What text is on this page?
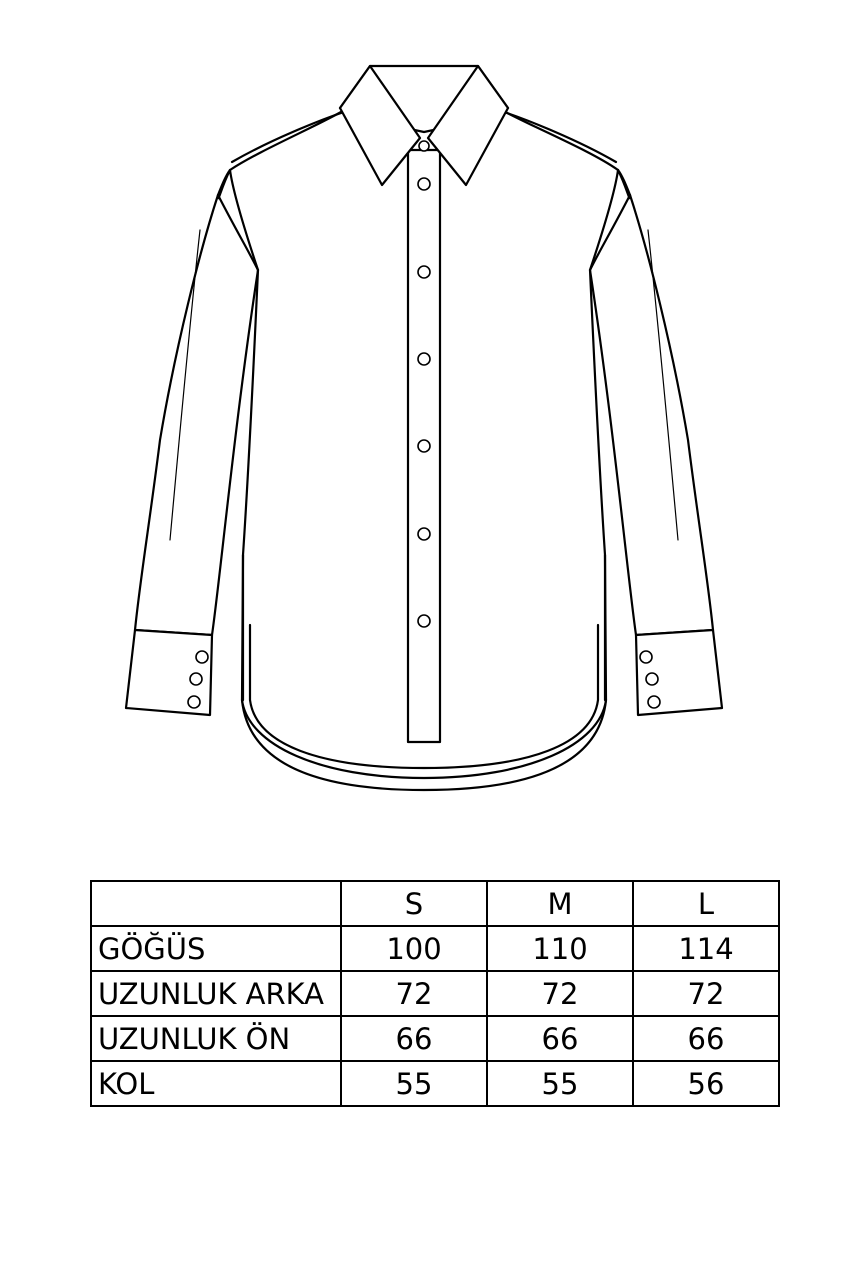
	S	M	L
GÖĞÜS	100	110	114
UZUNLUK ARKA	72	72	72
UZUNLUK ÖN	66	66	66
KOL	55	55	56
